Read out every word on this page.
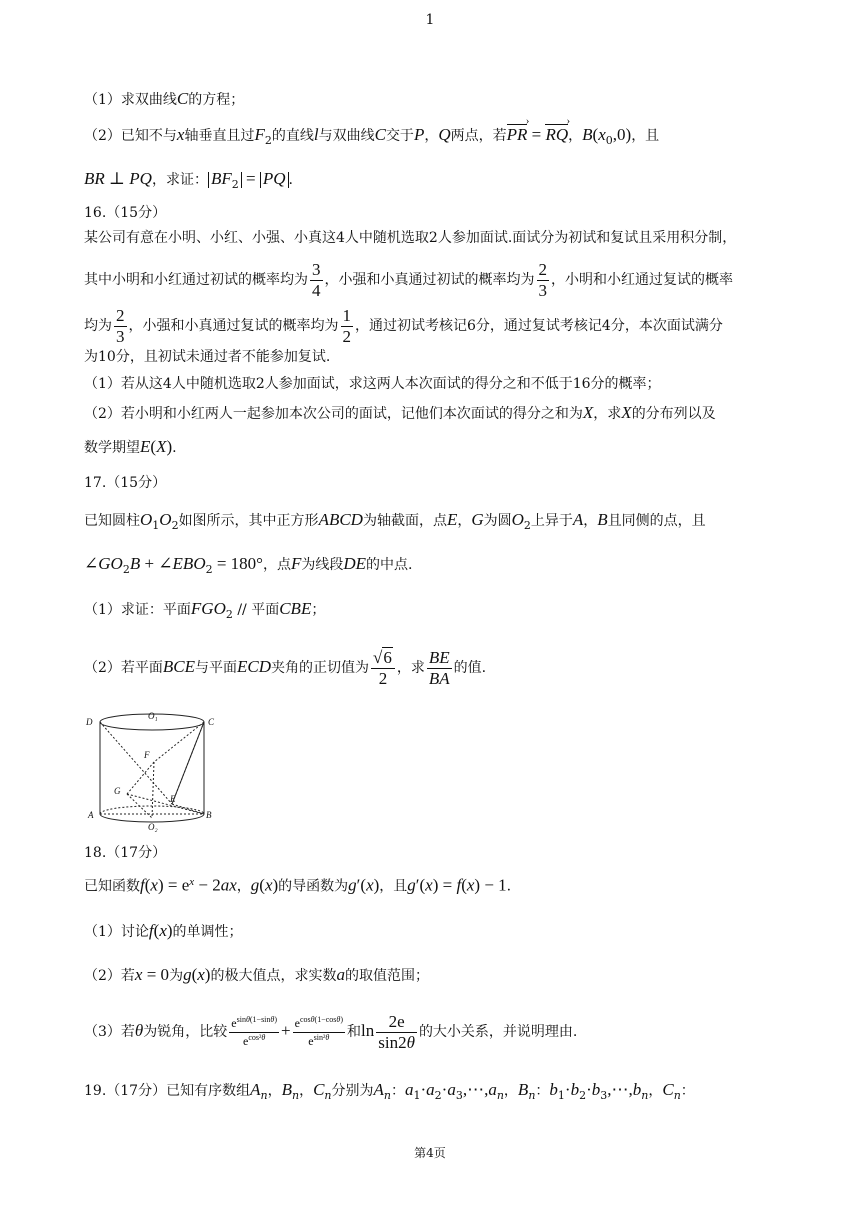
1
（1）求双曲线C的方程；
（2）已知不与x轴垂直且过$F_2$的直线l与双曲线C交于P，Q两点，若PR › = RQ ›，$B(x_0,0)$，且
BR ⊥ PQ，求证： $BF_2$ = PQ .
16.（15分）
某公司有意在小明、小红、小强、小真这4人中随机选取2人参加面试.面试分为初试和复试且采用积分制，
其中小明和小红通过初试的概率均为 $\frac{3}{4}$ ，小强和小真通过初试的概率均为 $\frac{2}{3}$ ，小明和小红通过复试的概率
均为 $\frac{2}{3}$ ，小强和小真通过复试的概率均为 $\frac{1}{2}$ ，通过初试考核记6分，通过复试考核记4分，本次面试满分
为10分，且初试未通过者不能参加复试.
（1）若从这4人中随机选取2人参加面试，求这两人本次面试的得分之和不低于16分的概率；
（2）若小明和小红两人一起参加本次公司的面试，记他们本次面试的得分之和为X，求X的分布列以及
数学期望E(X).
17.（15分）
已知圆柱$O_1O_2$如图所示，其中正方形ABCD为轴截面，点E，G为圆$O_2$上异于A，B且同侧的点，且
$\angle GO_2B$ + $\angle EBO_2 = 180^\circ$，点F为线段DE的中点.
（1）求证：平面$FGO_2$ // 平面CBE；
（2）若平面BCE与平面ECD夹角的正切值为 $\frac{√6}{2}$ ，求 $\frac{BE}{BA}$ 的值.
D	C
O₁
F
G
E
A	B
O₂
18.（17分）
已知函数$f(x) = e^x - 2ax$，g(x)的导函数为g′(x)，且g′(x) = f(x) − 1.
（1）讨论f(x)的单调性；
（2）若x = 0为g(x)的极大值点，求实数a的取值范围；
（3）若θ为锐角，比较 $\frac{e^{sin\theta(1-sin\theta)}}{e^{cos^2\theta}} + \frac{e^{cos\theta(1-cos\theta)}}{e^{sin^2\theta}}$ 和$\ln \frac{2e}{\sin 2\theta}$ 的大小关系，并说明理由.
19.（17分）已知有序数组$A_n$，$B_n$，$C_n$分别为$A_n$：$a_1\cdot a_2\cdot a_3,\cdots,a_n$，$B_n$：$b_1\cdot b_2\cdot b_3,\cdots,b_n$，$C_n$：
第4页
